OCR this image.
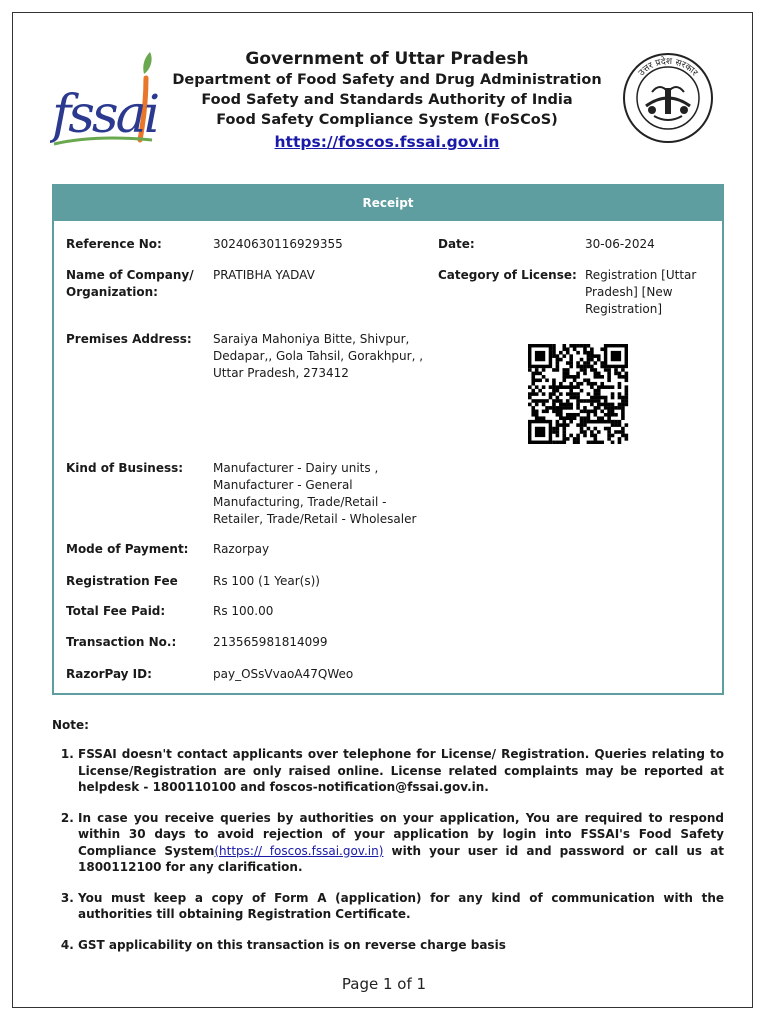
fssai
Government of Uttar Pradesh
Department of Food Safety and Drug Administration
Food Safety and Standards Authority of India
Food Safety Compliance System (FoSCoS)
https://foscos.fssai.gov.in
उत्तर प्रदेश सरकार
Receipt
Reference No:	30240630116929355	Date:	30-06-2024
Name of Company/
Organization:
PRATIBHA YADAV	Category of License: Registration [Uttar
Pradesh] [New
Registration]
Premises Address: Saraiya Mahoniya Bitte, Shivpur,
Dedapar,, Gola Tahsil, Gorakhpur, ,
Uttar Pradesh, 273412
Kind of Business: Manufacturer - Dairy units ,
Manufacturer - General
Manufacturing, Trade/Retail -
Retailer, Trade/Retail - Wholesaler
Mode of Payment: Razorpay
Registration Fee	Rs 100 (1 Year(s))
Total Fee Paid:	Rs 100.00
Transaction No.:	213565981814099
RazorPay ID:	pay_OSsVvaoA47QWeo
Note:
1. FSSAI doesn't contact applicants over telephone for License/ Registration. Queries relating to License/Registration are only raised online. License related complaints may be reported at helpdesk - 1800110100 and foscos-notification@fssai.gov.in.
2. In case you receive queries by authorities on your application, You are required to respond within 30 days to avoid rejection of your application by login into FSSAI's Food Safety Compliance System(https:// foscos.fssai.gov.in) with your user id and password or call us at 1800112100 for any clarification.
3. You must keep a copy of Form A (application) for any kind of communication with the authorities till obtaining Registration Certificate.
4. GST applicability on this transaction is on reverse charge basis
Page 1 of 1
